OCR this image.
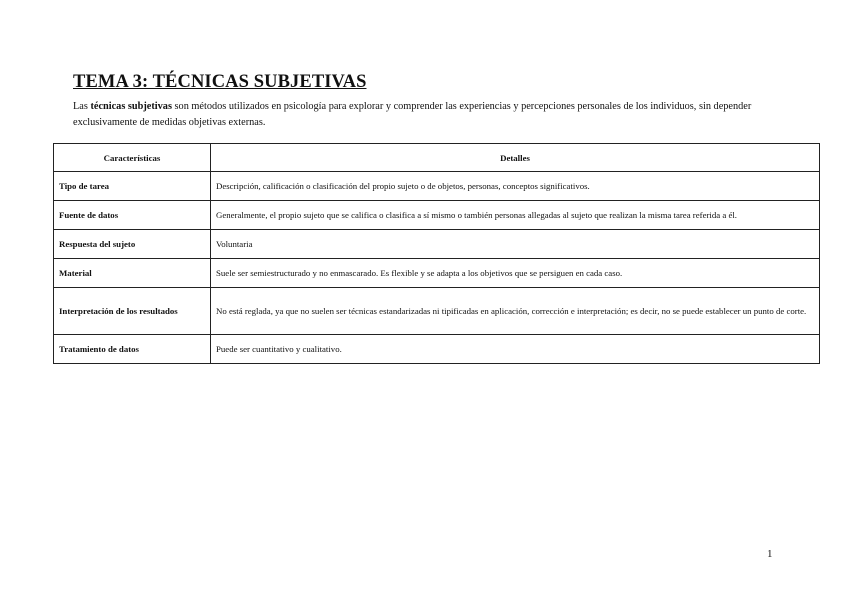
TEMA 3: TÉCNICAS SUBJETIVAS

Las técnicas subjetivas son métodos utilizados en psicología para explorar y comprender las experiencias y percepciones personales de los individuos, sin depender exclusivamente de medidas objetivas externas.

Características	Detalles
Tipo de tarea	Descripción, calificación o clasificación del propio sujeto o de objetos, personas, conceptos significativos.
Fuente de datos	Generalmente, el propio sujeto que se califica o clasifica a sí mismo o también personas allegadas al sujeto que realizan la misma tarea referida a él.
Respuesta del sujeto	Voluntaria
Material	Suele ser semiestructurado y no enmascarado. Es flexible y se adapta a los objetivos que se persiguen en cada caso.
Interpretación de los resultados	No está reglada, ya que no suelen ser técnicas estandarizadas ni tipificadas en aplicación, corrección e interpretación; es decir, no se puede establecer un punto de corte.
Tratamiento de datos	Puede ser cuantitativo y cualitativo.
1
